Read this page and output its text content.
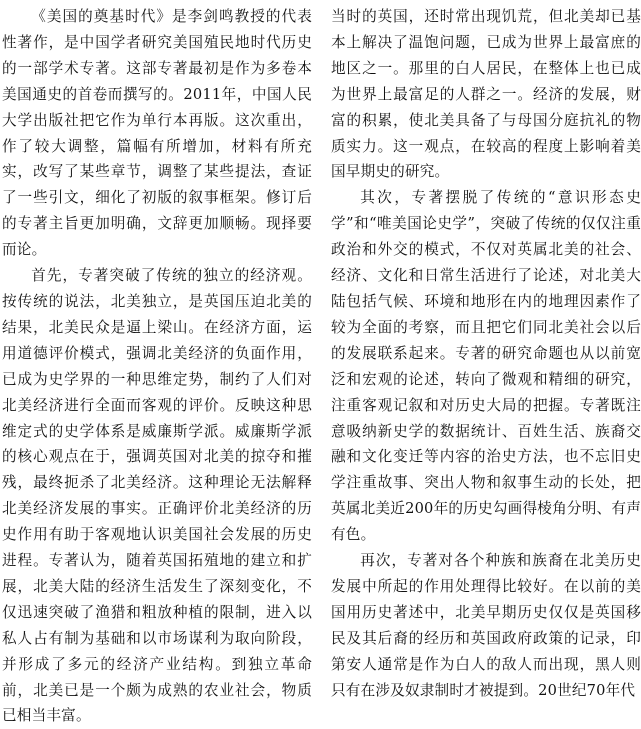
《美国的奠基时代》是李剑鸣教授的代表性著作，是中国学者研究美国殖民地时代历史的一部学术专著。这部专著最初是作为多卷本美国通史的首卷而撰写的。2011年，中国人民大学出版社把它作为单行本再版。这次重出，作了较大调整，篇幅有所增加，材料有所充实，改写了某些章节，调整了某些提法，查证了一些引文，细化了初版的叙事框架。修订后的专著主旨更加明确，文辞更加顺畅。现择要而论。

首先，专著突破了传统的独立的经济观。按传统的说法，北美独立，是英国压迫北美的结果，北美民众是逼上梁山。在经济方面，运用道德评价模式，强调北美经济的负面作用，已成为史学界的一种思维定势，制约了人们对北美经济进行全面而客观的评价。反映这种思维定式的史学体系是威廉斯学派。威廉斯学派的核心观点在于，强调英国对北美的掠夺和摧残，最终扼杀了北美经济。这种理论无法解释北美经济发展的事实。正确评价北美经济的历史作用有助于客观地认识美国社会发展的历史进程。专著认为，随着英国拓殖地的建立和扩展，北美大陆的经济生活发生了深刻变化，不仅迅速突破了渔猎和粗放种植的限制，进入以私人占有制为基础和以市场谋利为取向阶段，并形成了多元的经济产业结构。到独立革命前，北美已是一个颇为成熟的农业社会，物质已相当丰富。

当时的英国，还时常出现饥荒，但北美却已基本上解决了温饱问题，已成为世界上最富庶的地区之一。那里的白人居民，在整体上也已成为世界上最富足的人群之一。经济的发展，财富的积累，使北美具备了与母国分庭抗礼的物质实力。这一观点，在较高的程度上影响着美国早期史的研究。

其次，专著摆脱了传统的“意识形态史学”和“唯美国论史学”，突破了传统的仅仅注重政治和外交的模式，不仅对英属北美的社会、经济、文化和日常生活进行了论述，对北美大陆包括气候、环境和地形在内的地理因素作了较为全面的考察，而且把它们同北美社会以后的发展联系起来。专著的研究命题也从以前宽泛和宏观的论述，转向了微观和精细的研究，注重客观记叙和对历史大局的把握。专著既注意吸纳新史学的数据统计、百姓生活、族裔交融和文化变迁等内容的治史方法，也不忘旧史学注重故事、突出人物和叙事生动的长处，把英属北美近200年的历史勾画得棱角分明、有声有色。

再次，专著对各个种族和族裔在北美历史发展中所起的作用处理得比较好。在以前的美国用历史著述中，北美早期历史仅仅是英国移民及其后裔的经历和英国政府政策的记录，印第安人通常是作为白人的敌人而出现，黑人则只有在涉及奴隶制时才被提到。20世纪70年代
